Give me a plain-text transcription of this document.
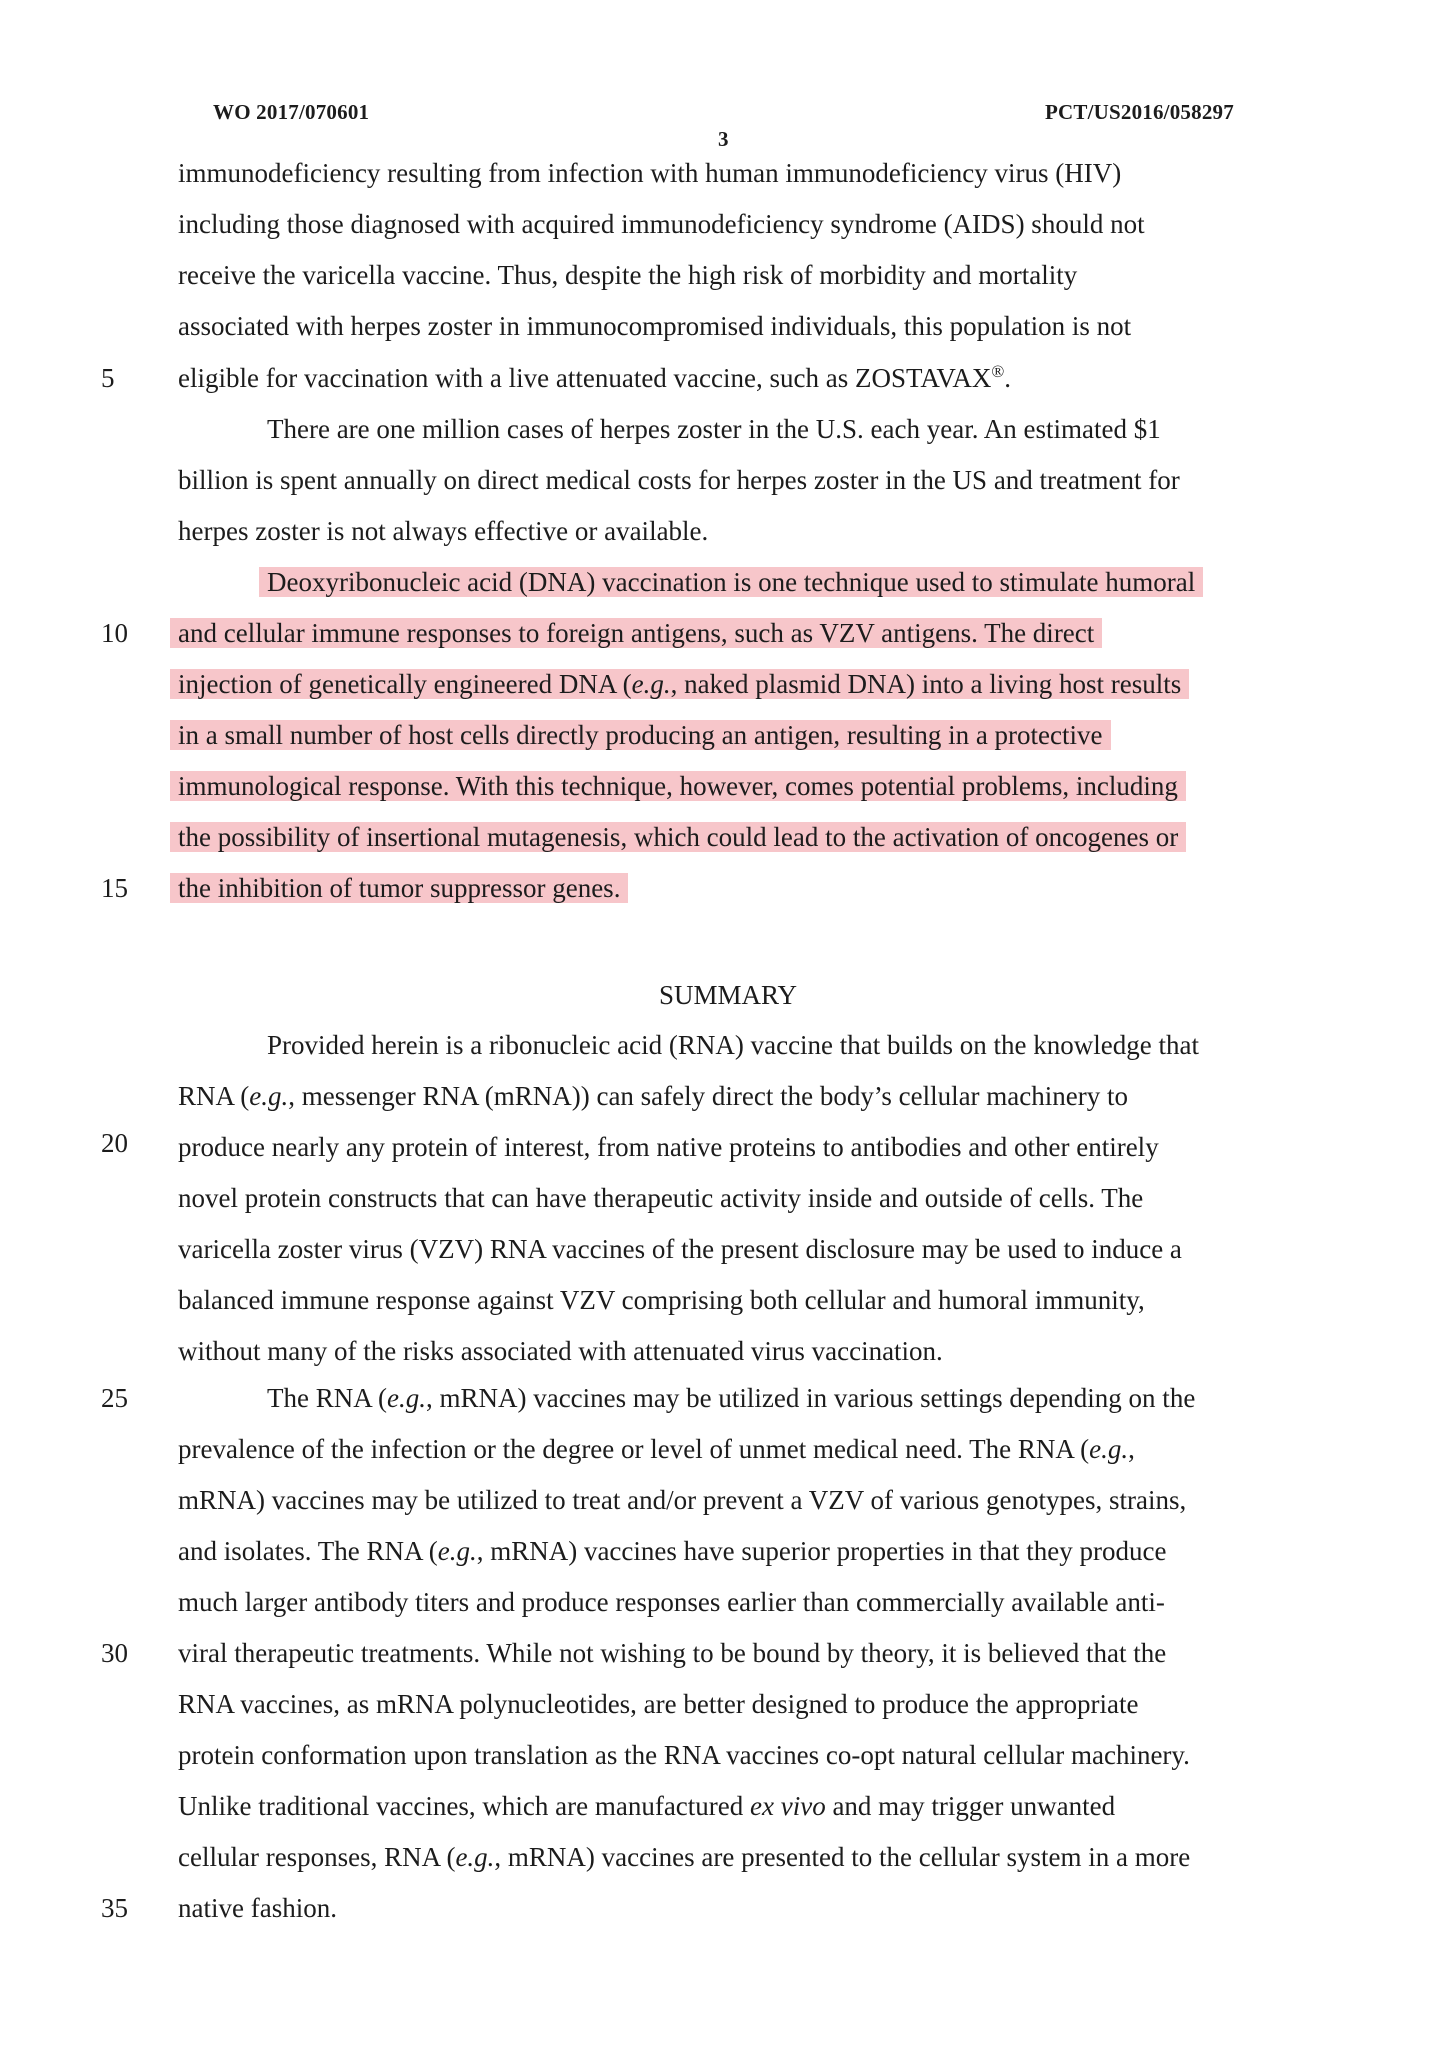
WO 2017/070601	PCT/US2016/058297
3
5
10
15
20
25
30
35
SUMMARY
immunodeficiency resulting from infection with human immunodeficiency virus (HIV)
including those diagnosed with acquired immunodeficiency syndrome (AIDS) should not
receive the varicella vaccine. Thus, despite the high risk of morbidity and mortality
associated with herpes zoster in immunocompromised individuals, this population is not
eligible for vaccination with a live attenuated vaccine, such as ZOSTAVAX®.
There are one million cases of herpes zoster in the U.S. each year. An estimated $1
billion is spent annually on direct medical costs for herpes zoster in the US and treatment for
herpes zoster is not always effective or available.
Deoxyribonucleic acid (DNA) vaccination is one technique used to stimulate humoral
and cellular immune responses to foreign antigens, such as VZV antigens. The direct
injection of genetically engineered DNA (e.g., naked plasmid DNA) into a living host results
in a small number of host cells directly producing an antigen, resulting in a protective
immunological response. With this technique, however, comes potential problems, including
the possibility of insertional mutagenesis, which could lead to the activation of oncogenes or
the inhibition of tumor suppressor genes.
Provided herein is a ribonucleic acid (RNA) vaccine that builds on the knowledge that
RNA (e.g., messenger RNA (mRNA)) can safely direct the body’s cellular machinery to
produce nearly any protein of interest, from native proteins to antibodies and other entirely
novel protein constructs that can have therapeutic activity inside and outside of cells. The
varicella zoster virus (VZV) RNA vaccines of the present disclosure may be used to induce a
balanced immune response against VZV comprising both cellular and humoral immunity,
without many of the risks associated with attenuated virus vaccination.
The RNA (e.g., mRNA) vaccines may be utilized in various settings depending on the
prevalence of the infection or the degree or level of unmet medical need. The RNA (e.g.,
mRNA) vaccines may be utilized to treat and/or prevent a VZV of various genotypes, strains,
and isolates. The RNA (e.g., mRNA) vaccines have superior properties in that they produce
much larger antibody titers and produce responses earlier than commercially available anti-
viral therapeutic treatments. While not wishing to be bound by theory, it is believed that the
RNA vaccines, as mRNA polynucleotides, are better designed to produce the appropriate
protein conformation upon translation as the RNA vaccines co-opt natural cellular machinery.
Unlike traditional vaccines, which are manufactured ex vivo and may trigger unwanted
cellular responses, RNA (e.g., mRNA) vaccines are presented to the cellular system in a more
native fashion.
